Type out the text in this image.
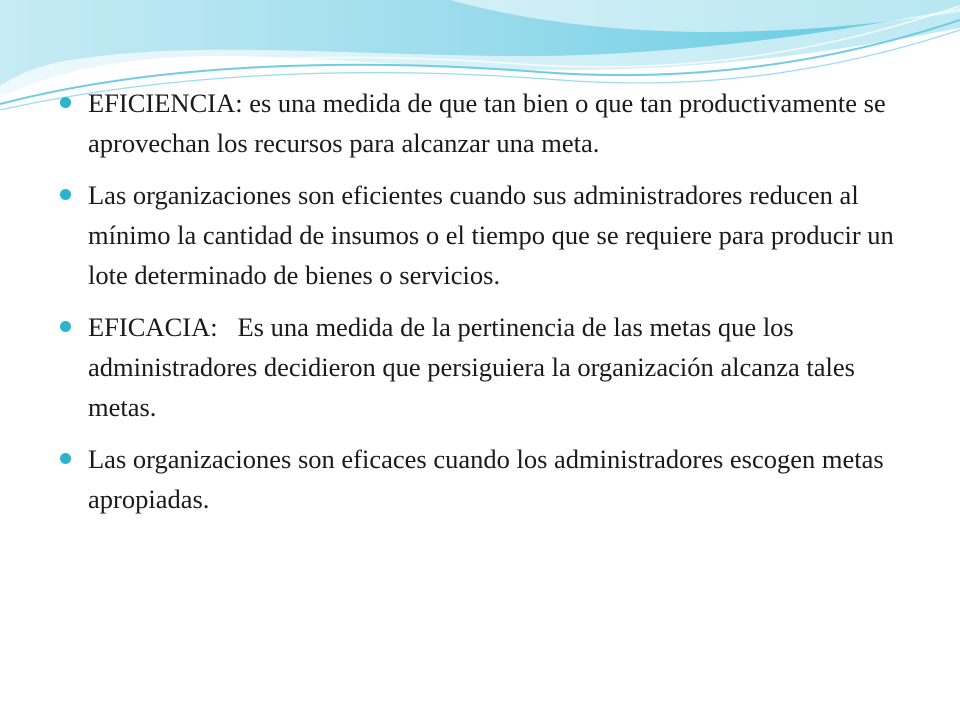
EFICIENCIA: es una medida de que tan bien o que tan productivamente se aprovechan los recursos para alcanzar una meta.
Las organizaciones son eficientes cuando sus administradores reducen al mínimo la cantidad de insumos o el tiempo que se requiere para producir un lote determinado de bienes o servicios.
EFICACIA:   Es una medida de la pertinencia de las metas que los administradores decidieron que persiguiera la organización alcanza tales metas.
Las organizaciones son eficaces cuando los administradores escogen metas apropiadas.
